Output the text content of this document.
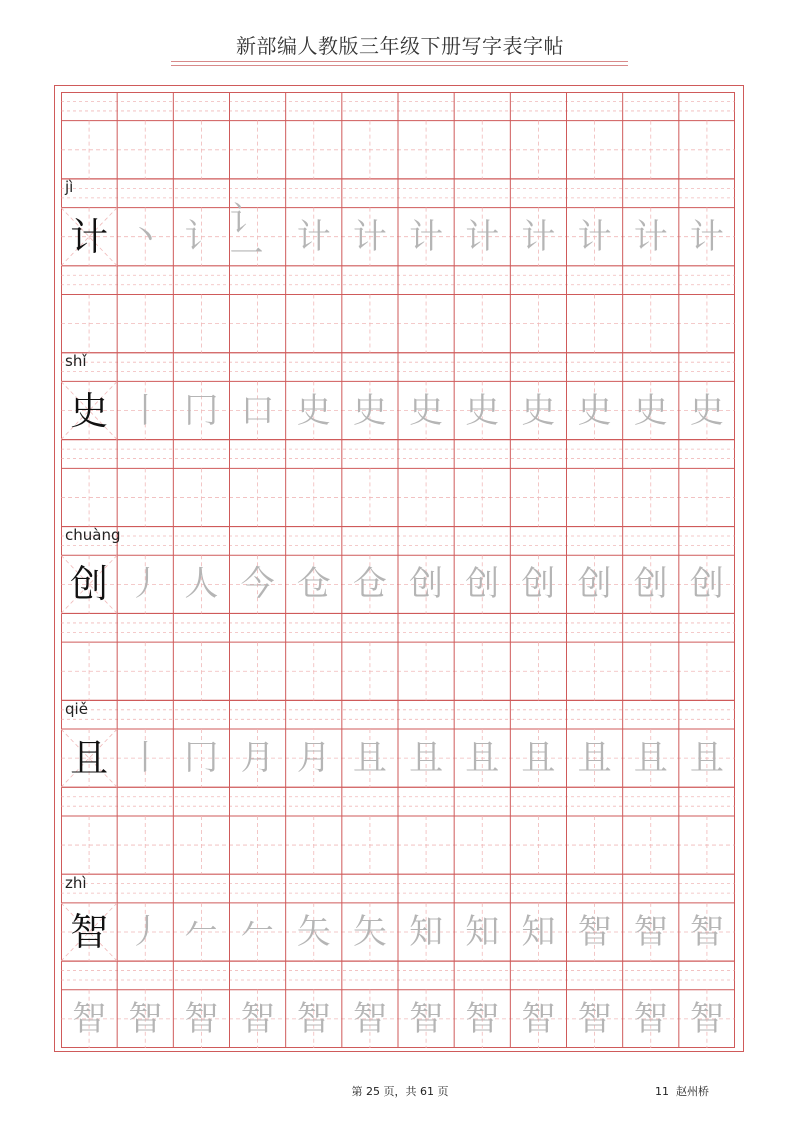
新部编人教版三年级下册写字表字帖
jì
计 丶 讠 讠一 计 计 计 计 计 计 计 计
shǐ
史 丨 冂 口 史 史 史 史 史 史 史 史
chuàng
创 丿 人 今 仓 仓 创 创 创 创 创 创
qiě
且 丨 冂 月 月 且 且 且 且 且 且 且
zhì
智 丿 𠂉 𠂉 矢 矢 知 知 知 智 智 智
智 智 智 智 智 智 智 智 智 智 智 智
第 25 页，共 61 页	11 赵州桥
